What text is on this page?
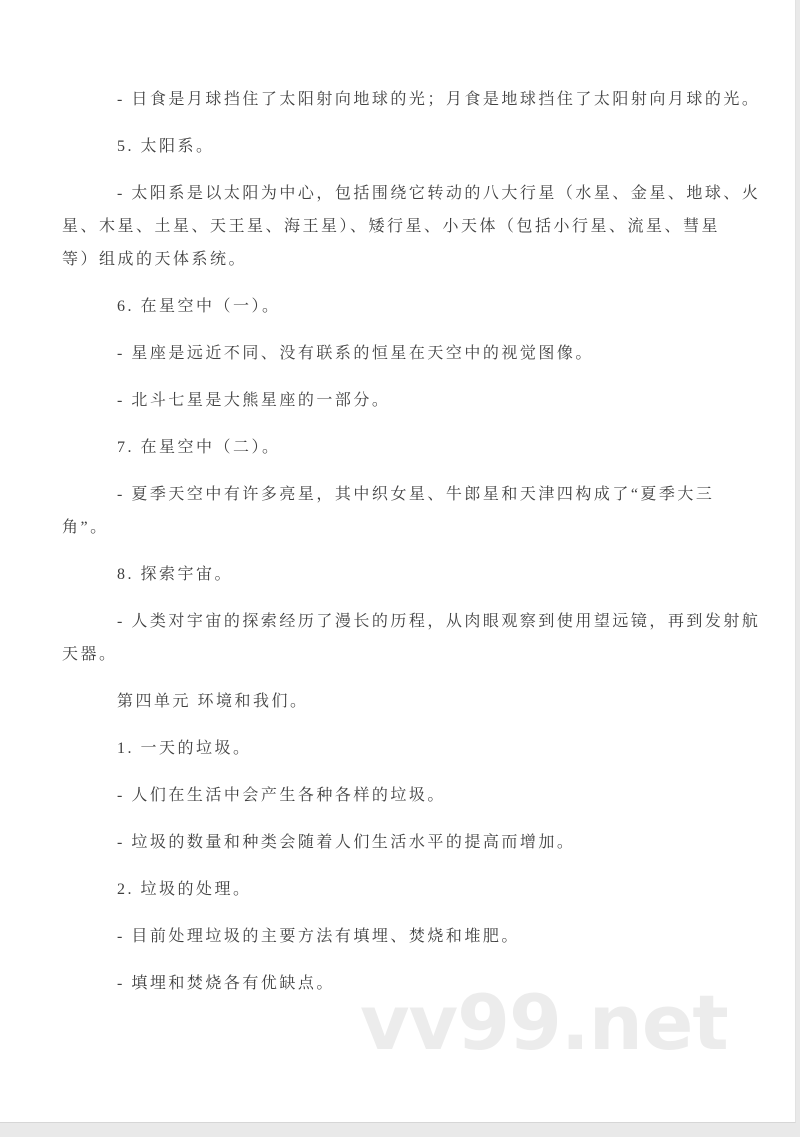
- 日食是月球挡住了太阳射向地球的光；月食是地球挡住了太阳射向月球的光。

5. 太阳系。

- 太阳系是以太阳为中心，包括围绕它转动的八大行星（水星、金星、地球、火
星、木星、土星、天王星、海王星）、矮行星、小天体（包括小行星、流星、彗星
等）组成的天体系统。

6. 在星空中（一）。

- 星座是远近不同、没有联系的恒星在天空中的视觉图像。

- 北斗七星是大熊星座的一部分。

7. 在星空中（二）。

- 夏季天空中有许多亮星，其中织女星、牛郎星和天津四构成了“夏季大三
角”。

8. 探索宇宙。

- 人类对宇宙的探索经历了漫长的历程，从肉眼观察到使用望远镜，再到发射航
天器。

第四单元 环境和我们。

1. 一天的垃圾。

- 人们在生活中会产生各种各样的垃圾。

- 垃圾的数量和种类会随着人们生活水平的提高而增加。

2. 垃圾的处理。

- 目前处理垃圾的主要方法有填埋、焚烧和堆肥。

- 填埋和焚烧各有优缺点。 vv99.net
